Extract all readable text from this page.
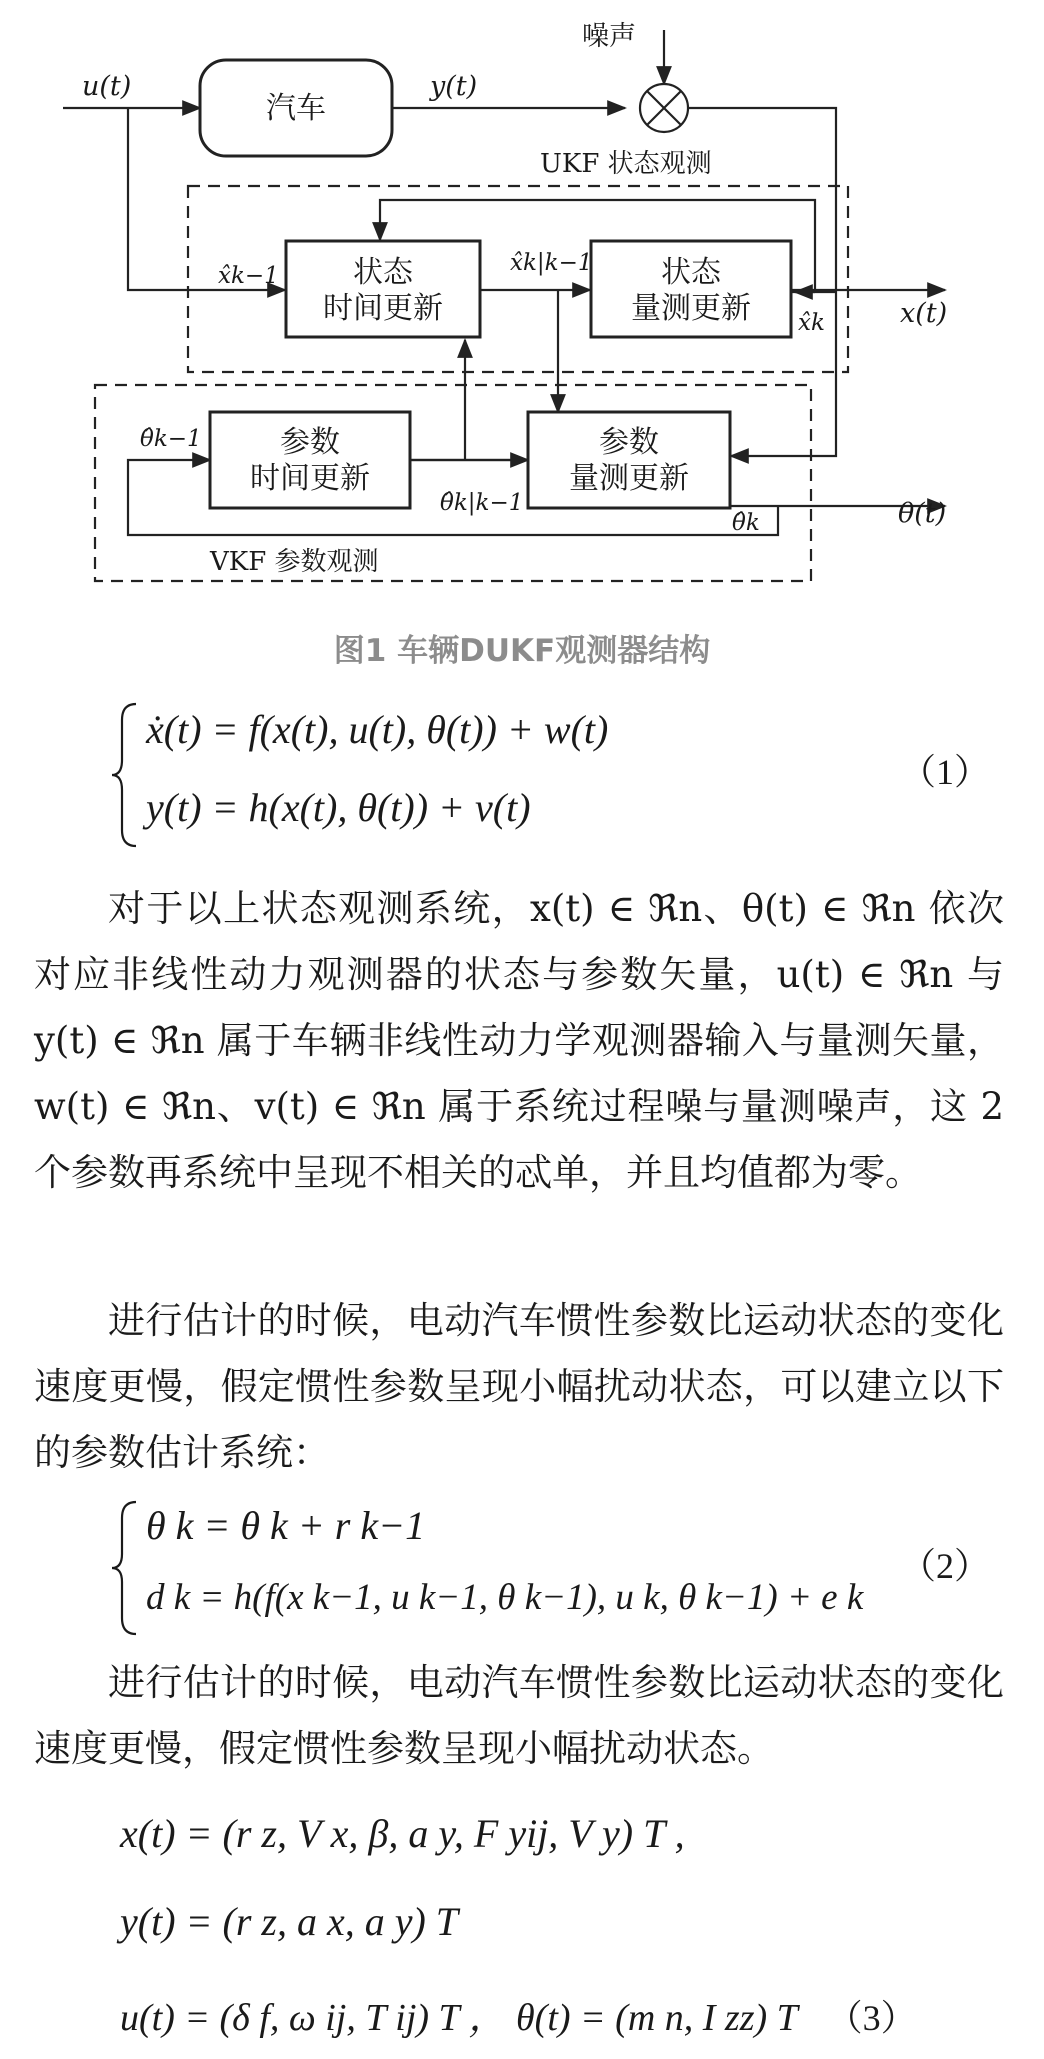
汽车
状态
时间更新
状态
量测更新
参数
时间更新
参数
量测更新
u(t)	y(t)
噪声
UKF 状态观测
VKF 参数观测
x(t)
θ(t)
x̂k−1	x̂k|k−1
x̂k
θ̂k−1
θ̂k|k−1
θ̂k
图1 车辆DUKF观测器结构
ẋ(t) = f(x(t), u(t), θ(t)) + w(t)
y(t) = h(x(t), θ(t)) + v(t)
（1）

对于以上状态观测系统，x(t) ∈ ℜn、θ(t) ∈ ℜn 依次对应非线性动力观测器的状态与参数矢量，u(t) ∈ ℜn 与 y(t) ∈ ℜn 属于车辆非线性动力学观测器输入与量测矢量，w(t) ∈ ℜn、v(t) ∈ ℜn 属于系统过程噪与量测噪声，这 2 个参数再系统中呈现不相关的忒单，并且均值都为零。

进行估计的时候，电动汽车惯性参数比运动状态的变化速度更慢，假定惯性参数呈现小幅扰动状态，可以建立以下的参数估计系统：

θ k = θ k + r k−1
d k = h(f(x k−1, u k−1, θ k−1), u k, θ k−1) + e k
（2）

进行估计的时候，电动汽车惯性参数比运动状态的变化速度更慢，假定惯性参数呈现小幅扰动状态。

x(t) = (r z, V x, β, a y, F yij, V y) T ,
y(t) = (r z, a x, a y) T
u(t) = (δ f, ω ij, T ij) T ， θ(t) = (m n, I zz) T （3）
